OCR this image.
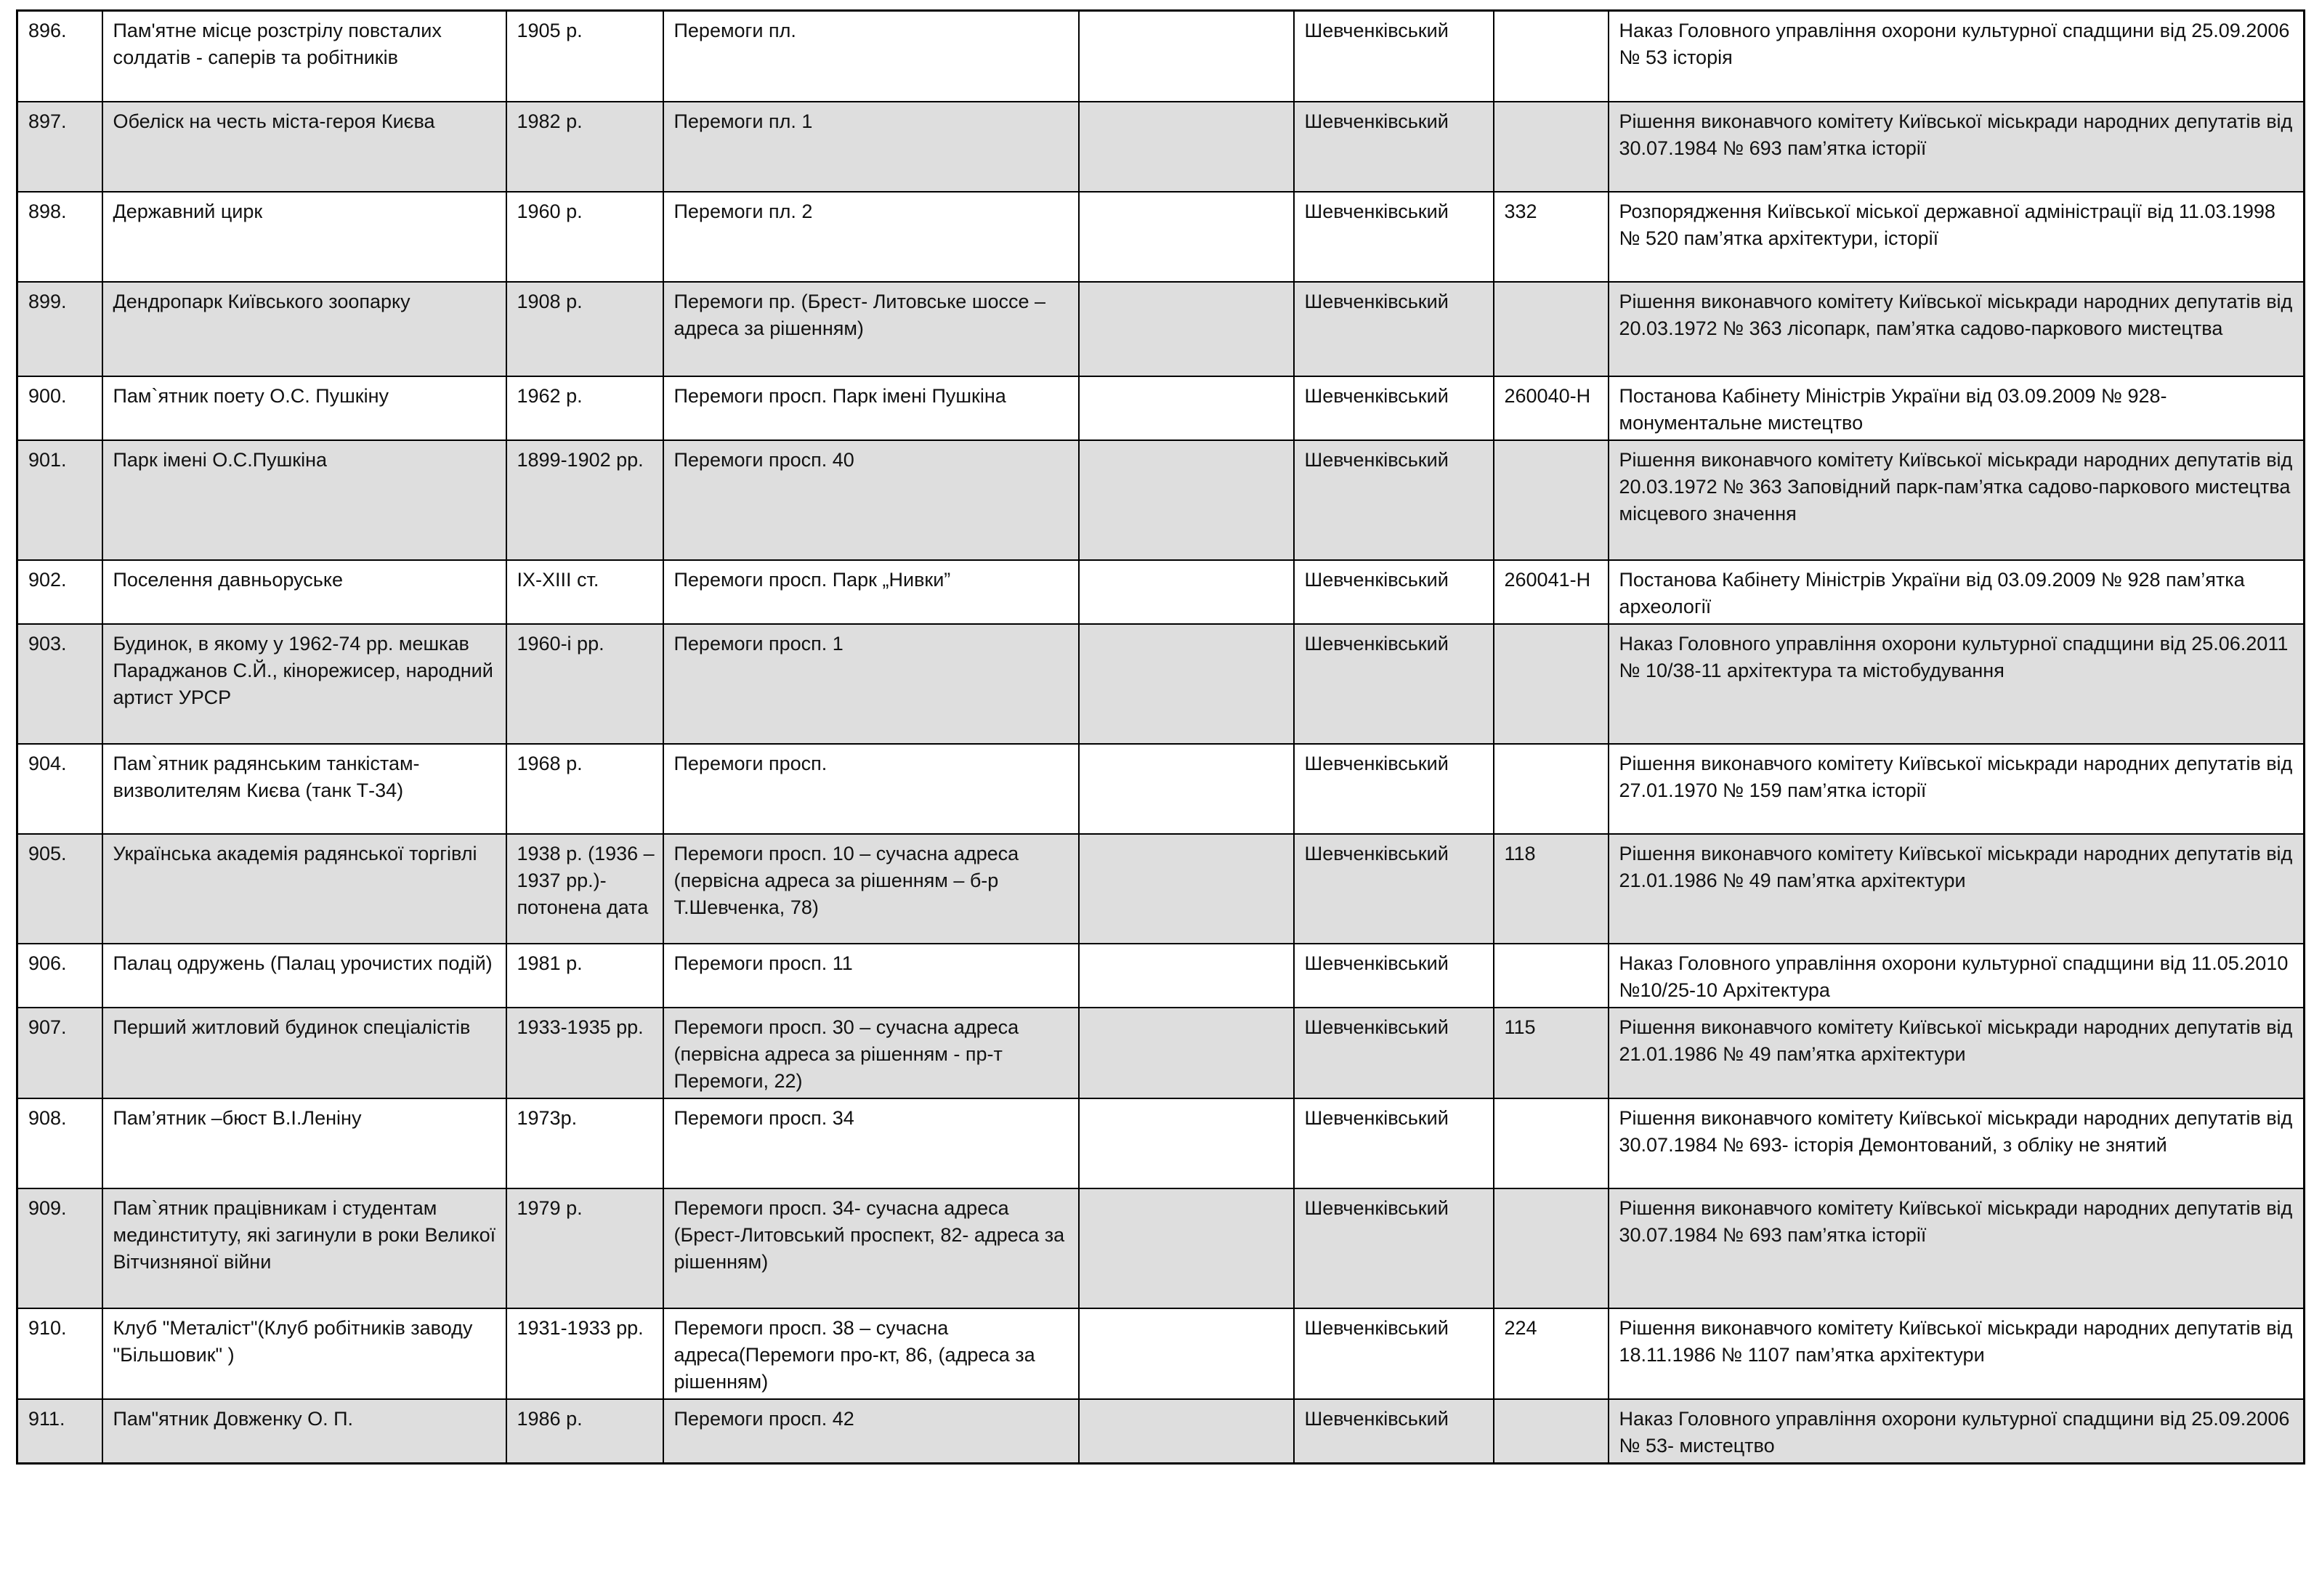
896.	Пам'ятне місце розстрілу повсталих солдатів - саперів та робітників	1905 р.	Перемоги пл.		Шевченківський		Наказ Головного управління охорони культурної спадщини від 25.09.2006 № 53 історія
897.	Обеліск на честь міста-героя Києва	1982 р.	Перемоги пл. 1		Шевченківський		Рішення виконавчого комітету Київської міськради народних депутатів від 30.07.1984 № 693 пам’ятка історії
898.	Державний цирк	1960 р.	Перемоги пл. 2		Шевченківський	332	Розпорядження Київської міської державної адміністрації від 11.03.1998 № 520 пам’ятка архітектури, історії
899.	Дендропарк Київського зоопарку	1908 р.	Перемоги пр. (Брест- Литовське шоссе – адреса за рішенням)		Шевченківський		Рішення виконавчого комітету Київської міськради народних депутатів від 20.03.1972 № 363 лісопарк, пам’ятка садово-паркового мистецтва
900.	Пам`ятник поету О.С. Пушкіну	1962 р.	Перемоги просп. Парк імені Пушкіна		Шевченківський	260040-Н	Постанова Кабінету Міністрів України від 03.09.2009 № 928- монументальне мистецтво
901.	Парк імені О.С.Пушкіна	1899-1902 рр.	Перемоги просп. 40		Шевченківський		Рішення виконавчого комітету Київської міськради народних депутатів від 20.03.1972 № 363 Заповідний парк-пам’ятка садово-паркового мистецтва місцевого значення
902.	Поселення давньоруське	IX-XIII ст.	Перемоги просп. Парк „Нивки”		Шевченківський	260041-Н	Постанова Кабінету Міністрів України від 03.09.2009 № 928 пам’ятка археології
903.	Будинок, в якому у 1962-74 рр. мешкав Параджанов С.Й., кінорежисер, народний артист УРСР	1960-і рр.	Перемоги просп. 1		Шевченківський		Наказ Головного управління охорони культурної спадщини від 25.06.2011 № 10/38-11 архітектура та містобудування
904.	Пам`ятник радянським танкістам-визволителям Києва (танк Т-34)	1968 р.	Перемоги просп.		Шевченківський		Рішення виконавчого комітету Київської міськради народних депутатів від 27.01.1970 № 159 пам’ятка історії
905.	Українська академія радянської торгівлі	1938 р. (1936 – 1937 рр.)- потонена дата	Перемоги просп. 10 – сучасна адреса (первісна адреса за рішенням – б-р Т.Шевченка, 78)		Шевченківський	118	Рішення виконавчого комітету Київської міськради народних депутатів від 21.01.1986 № 49 пам’ятка архітектури
906.	Палац одружень (Палац урочистих подій)	1981 р.	Перемоги просп. 11		Шевченківський		Наказ Головного управління охорони культурної спадщини від 11.05.2010 №10/25-10 Архітектура
907.	Перший житловий будинок спеціалістів	1933-1935 рр.	Перемоги просп. 30 – сучасна адреса (первісна адреса за рішенням - пр-т Перемоги, 22)		Шевченківський	115	Рішення виконавчого комітету Київської міськради народних депутатів від 21.01.1986 № 49 пам’ятка архітектури
908.	Пам’ятник –бюст В.І.Леніну	1973р.	Перемоги просп. 34		Шевченківський		Рішення виконавчого комітету Київської міськради народних депутатів від 30.07.1984 № 693- історія Демонтований, з обліку не знятий
909.	Пам`ятник працівникам і студентам мединституту, які загинули в роки Великої Вітчизняної війни	1979 р.	Перемоги просп. 34- сучасна адреса (Брест-Литовський проспект, 82- адреса за рішенням)		Шевченківський		Рішення виконавчого комітету Київської міськради народних депутатів від 30.07.1984 № 693 пам’ятка історії
910.	Клуб "Металіст"(Клуб робітників заводу "Більшовик" )	1931-1933 рр.	Перемоги просп. 38 – сучасна адреса(Перемоги про-кт, 86, (адреса за рішенням)		Шевченківський	224	Рішення виконавчого комітету Київської міськради народних депутатів від 18.11.1986 № 1107 пам’ятка архітектури
911.	Пам"ятник Довженку О. П.	1986 р.	Перемоги просп. 42		Шевченківський		Наказ Головного управління охорони культурної спадщини від 25.09.2006 № 53- мистецтво
